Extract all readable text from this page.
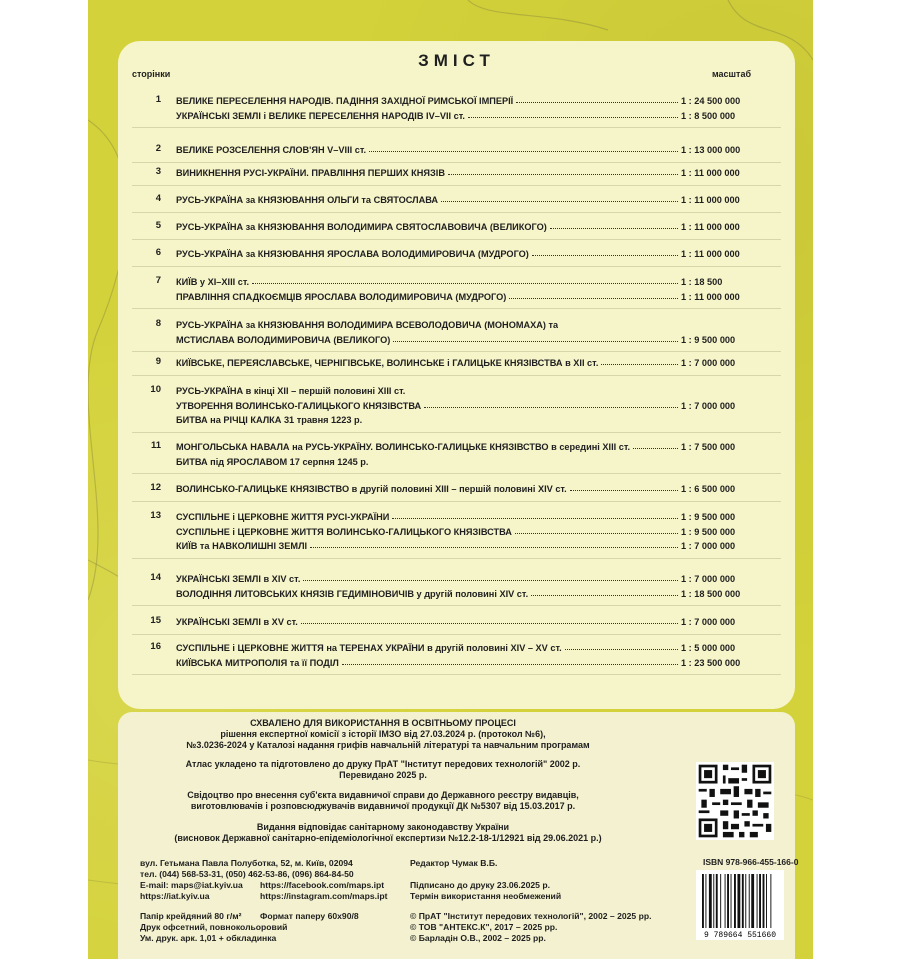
ЗМІСТ
сторінки	масштаб
1 ВЕЛИКЕ ПЕРЕСЕЛЕННЯ НАРОДІВ. ПАДІННЯ ЗАХІДНОЇ РИМСЬКОЇ ІМПЕРІЇ	1 : 24 500 000
УКРАЇНСЬКІ ЗЕМЛІ і ВЕЛИКЕ ПЕРЕСЕЛЕННЯ НАРОДІВ IV–VII ст.	1 : 8 500 000
2 ВЕЛИКЕ РОЗСЕЛЕННЯ СЛОВ'ЯН V–VIII ст.	1 : 13 000 000
3 ВИНИКНЕННЯ РУСІ-УКРАЇНИ. ПРАВЛІННЯ ПЕРШИХ КНЯЗІВ	1 : 11 000 000
4 РУСЬ-УКРАЇНА за КНЯЗЮВАННЯ ОЛЬГИ та СВЯТОСЛАВА	1 : 11 000 000
5 РУСЬ-УКРАЇНА за КНЯЗЮВАННЯ ВОЛОДИМИРА СВЯТОСЛАВОВИЧА (ВЕЛИКОГО)	1 : 11 000 000
6 РУСЬ-УКРАЇНА за КНЯЗЮВАННЯ ЯРОСЛАВА ВОЛОДИМИРОВИЧА (МУДРОГО)	1 : 11 000 000
7 КИЇВ у XI–XIII ст.	1 : 18 500
ПРАВЛІННЯ СПАДКОЄМЦІВ ЯРОСЛАВА ВОЛОДИМИРОВИЧА (МУДРОГО)	1 : 11 000 000
8 РУСЬ-УКРАЇНА за КНЯЗЮВАННЯ ВОЛОДИМИРА ВСЕВОЛОДОВИЧА (МОНОМАХА) та
МСТИСЛАВА ВОЛОДИМИРОВИЧА (ВЕЛИКОГО)	1 : 9 500 000
9 КИЇВСЬКЕ, ПЕРЕЯСЛАВСЬКЕ, ЧЕРНІГІВСЬКЕ, ВОЛИНСЬКЕ і ГАЛИЦЬКЕ КНЯЗІВСТВА в XII ст.	1 : 7 000 000
10 РУСЬ-УКРАЇНА в кінці XII – першій половині XIII ст.
УТВОРЕННЯ ВОЛИНСЬКО-ГАЛИЦЬКОГО КНЯЗІВСТВА	1 : 7 000 000
БИТВА на РІЧЦІ КАЛКА 31 травня 1223 р.
11 МОНГОЛЬСЬКА НАВАЛА на РУСЬ-УКРАЇНУ. ВОЛИНСЬКО-ГАЛИЦЬКЕ КНЯЗІВСТВО в середині XIII ст.	1 : 7 500 000
БИТВА під ЯРОСЛАВОМ 17 серпня 1245 р.
12 ВОЛИНСЬКО-ГАЛИЦЬКЕ КНЯЗІВСТВО в другій половині XIII – першій половині XIV ст.	1 : 6 500 000
13 СУСПІЛЬНЕ і ЦЕРКОВНЕ ЖИТТЯ РУСІ-УКРАЇНИ	1 : 9 500 000
СУСПІЛЬНЕ і ЦЕРКОВНЕ ЖИТТЯ ВОЛИНСЬКО-ГАЛИЦЬКОГО КНЯЗІВСТВА	1 : 9 500 000
КИЇВ та НАВКОЛИШНІ ЗЕМЛІ	1 : 7 000 000
14 УКРАЇНСЬКІ ЗЕМЛІ в XIV ст.	1 : 7 000 000
ВОЛОДІННЯ ЛИТОВСЬКИХ КНЯЗІВ ГЕДИМІНОВИЧІВ у другій половині XIV ст.	1 : 18 500 000
15 УКРАЇНСЬКІ ЗЕМЛІ в XV ст.	1 : 7 000 000
16 СУСПІЛЬНЕ і ЦЕРКОВНЕ ЖИТТЯ на ТЕРЕНАХ УКРАЇНИ в другій половині XIV – XV ст.	1 : 5 000 000
КИЇВСЬКА МИТРОПОЛІЯ та її ПОДІЛ	1 : 23 500 000
СХВАЛЕНО ДЛЯ ВИКОРИСТАННЯ В ОСВІТНЬОМУ ПРОЦЕСІ
рішення експертної комісії з історії ІМЗО від 27.03.2024 р. (протокол №6),
№3.0236-2024 у Каталозі надання грифів навчальній літературі та навчальним програмам
Атлас укладено та підготовлено до друку ПрАТ "Інститут передових технологій" 2002 р.
Перевидано 2025 р.
Свідоцтво про внесення суб'єкта видавничої справи до Державного реєстру видавців,
виготовлювачів і розповсюджувачів видавничої продукції ДК №5307 від 15.03.2017 р.
Видання відповідає санітарному законодавству України
(висновок Державної санітарно-епідеміологічної експертизи №12.2-18-1/12921 від 29.06.2021 р.)
вул. Гетьмана Павла Полуботка, 52, м. Київ, 02094
тел. (044) 568-53-31, (050) 462-53-86, (096) 864-84-50
E-mail: maps@iat.kyiv.ua https://facebook.com/maps.ipt
https://iat.kyiv.ua	https://instagram.com/maps.ipt
Папір крейдяний 80 г/м² Формат паперу 60х90/8
Друк офсетний, повнокольоровий
Ум. друк. арк. 1,01 + обкладинка
Редактор Чумак В.Б.
Підписано до друку 23.06.2025 р.
Термін використання необмежений
© ПрАТ "Інститут передових технологій", 2002 – 2025 рр.
© ТОВ "АНТЕКС.К", 2017 – 2025 рр.
© Барладін О.В., 2002 – 2025 рр.
ISBN 978-966-455-166-0
9 789664 551660
